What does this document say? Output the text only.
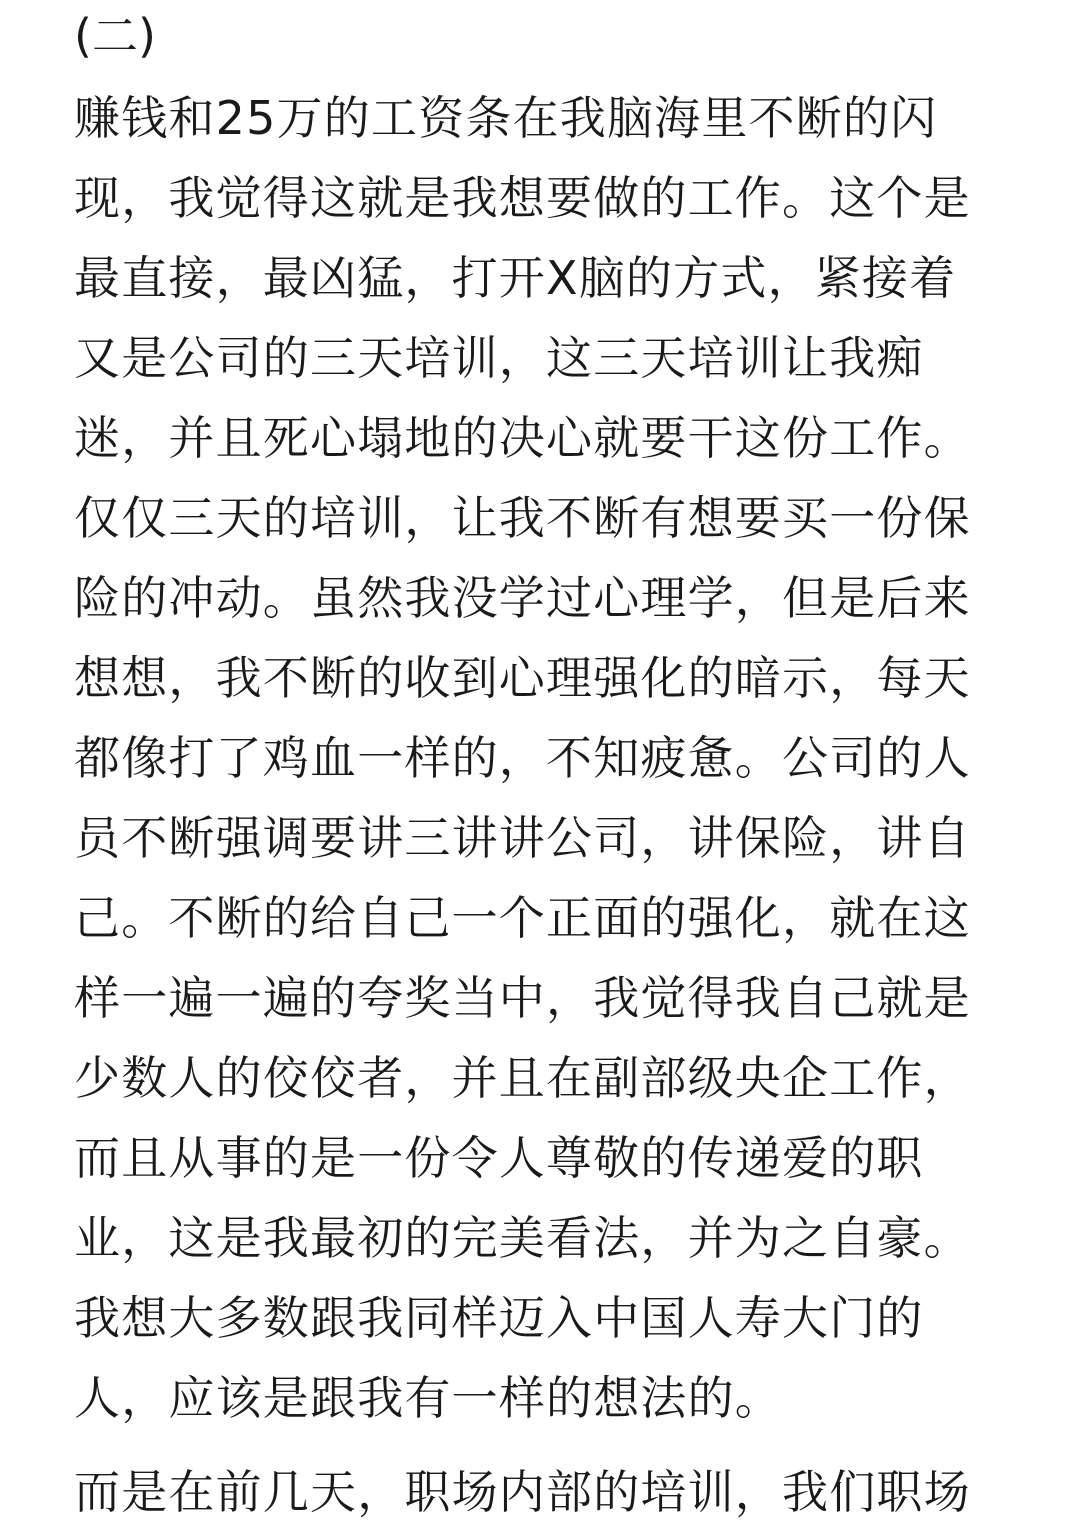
(二)
赚钱和25万的工资条在我脑海里不断的闪
现，我觉得这就是我想要做的工作。这个是
最直接，最凶猛，打开X脑的方式，紧接着
又是公司的三天培训，这三天培训让我痴
迷，并且死心塌地的决心就要干这份工作。
仅仅三天的培训，让我不断有想要买一份保
险的冲动。虽然我没学过心理学，但是后来
想想，我不断的收到心理强化的暗示，每天
都像打了鸡血一样的，不知疲惫。公司的人
员不断强调要讲三讲讲公司，讲保险，讲自
己。不断的给自己一个正面的强化，就在这
样一遍一遍的夸奖当中，我觉得我自己就是
少数人的佼佼者，并且在副部级央企工作，
而且从事的是一份令人尊敬的传递爱的职
业，这是我最初的完美看法，并为之自豪。
我想大多数跟我同样迈入中国人寿大门的
人，应该是跟我有一样的想法的。
而是在前几天，职场内部的培训，我们职场
